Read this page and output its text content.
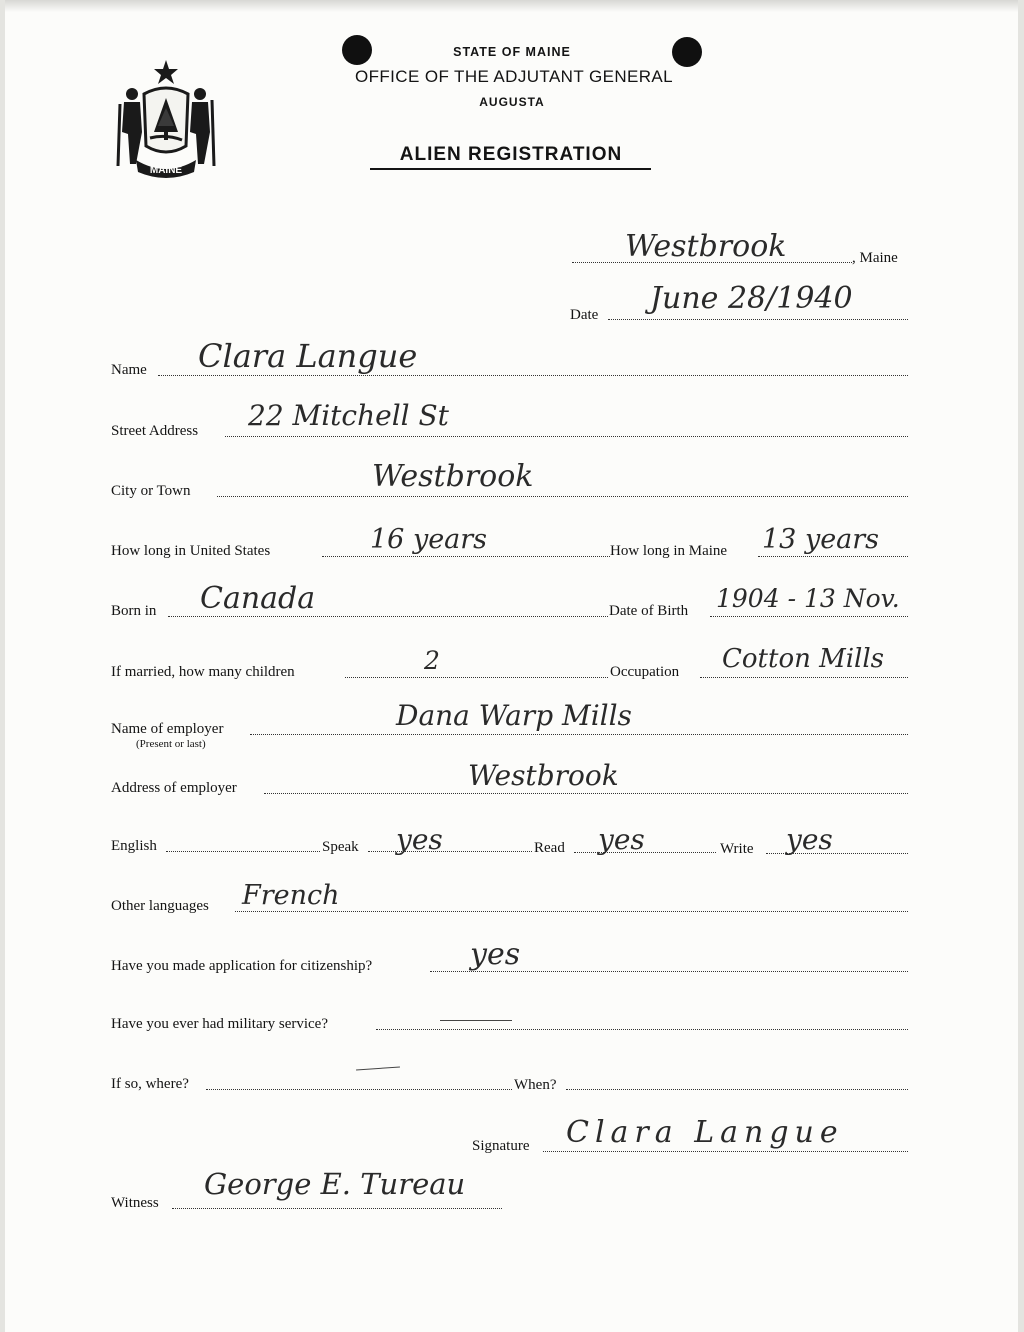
MAINE
STATE OF MAINE
OFFICE OF THE ADJUTANT GENERAL
AUGUSTA
ALIEN REGISTRATION
Westbrook	, Maine
Date June 28/1940
Name Clara Langue
Street Address 22 Mitchell St
City or Town	Westbrook
How long in United States	16 years	How long in Maine 13 years
Born in Canada	Date of Birth 1904 - 13 Nov.
If married, how many children	2	Occupation Cotton Mills
Name of employer
(Present or last)
Dana Warp Mills
Address of employer	Westbrook
English	Speak yes	Read yes	Write yes
Other languages French
Have you made application for citizenship?	yes
Have you ever had military service?
If so, where?	When?
Signature Clara Langue
Witness
George E. Tureau
